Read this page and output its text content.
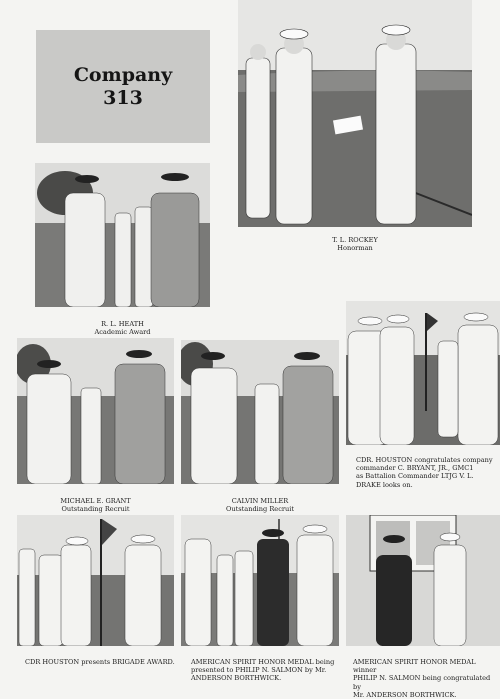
Company
313
T. L. ROCKEY
Honorman
R. L. HEATH
Academic Award
CDR. HOUSTON congratulates company
commander C. BRYANT, JR., GMC1
as Battalion Commander LTJG V. L.
DRAKE looks on.
MICHAEL E. GRANT
Outstanding Recruit
CALVIN MILLER
Outstanding Recruit
CDR HOUSTON presents BRIGADE AWARD.	AMERICAN SPIRIT HONOR MEDAL being
presented to PHILIP N. SALMON by Mr.
ANDERSON BORTHWICK.
AMERICAN SPIRIT HONOR MEDAL winner
PHILIP N. SALMON being congratulated by
Mr. ANDERSON BORTHWICK.
